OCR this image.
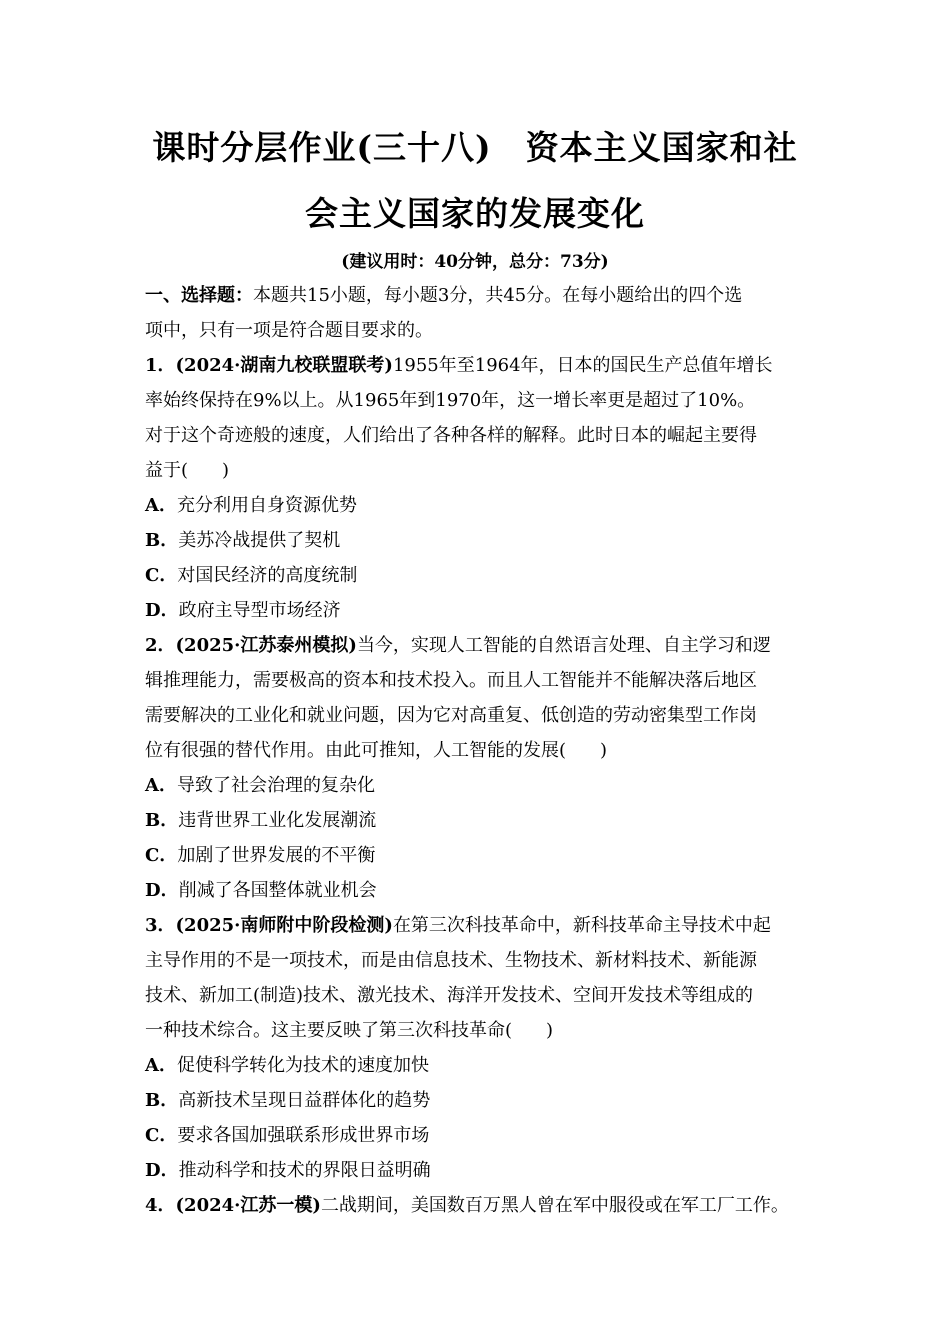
课时分层作业(三十八)　资本主义国家和社
会主义国家的发展变化
(建议用时：40分钟，总分：73分)
一、选择题：本题共15小题，每小题3分，共45分。在每小题给出的四个选
项中，只有一项是符合题目要求的。
1．(2024·湖南九校联盟联考)1955年至1964年，日本的国民生产总值年增长
率始终保持在9%以上。从1965年到1970年，这一增长率更是超过了10%。
对于这个奇迹般的速度，人们给出了各种各样的解释。此时日本的崛起主要得
益于( )
A．充分利用自身资源优势
B．美苏冷战提供了契机
C．对国民经济的高度统制
D．政府主导型市场经济
2．(2025·江苏泰州模拟)当今，实现人工智能的自然语言处理、自主学习和逻
辑推理能力，需要极高的资本和技术投入。而且人工智能并不能解决落后地区
需要解决的工业化和就业问题，因为它对高重复、低创造的劳动密集型工作岗
位有很强的替代作用。由此可推知，人工智能的发展( )
A．导致了社会治理的复杂化
B．违背世界工业化发展潮流
C．加剧了世界发展的不平衡
D．削减了各国整体就业机会
3．(2025·南师附中阶段检测)在第三次科技革命中，新科技革命主导技术中起
主导作用的不是一项技术，而是由信息技术、生物技术、新材料技术、新能源
技术、新加工(制造)技术、激光技术、海洋开发技术、空间开发技术等组成的
一种技术综合。这主要反映了第三次科技革命( )
A．促使科学转化为技术的速度加快
B．高新技术呈现日益群体化的趋势
C．要求各国加强联系形成世界市场
D．推动科学和技术的界限日益明确
4．(2024·江苏一模)二战期间，美国数百万黑人曾在军中服役或在军工厂工作。
